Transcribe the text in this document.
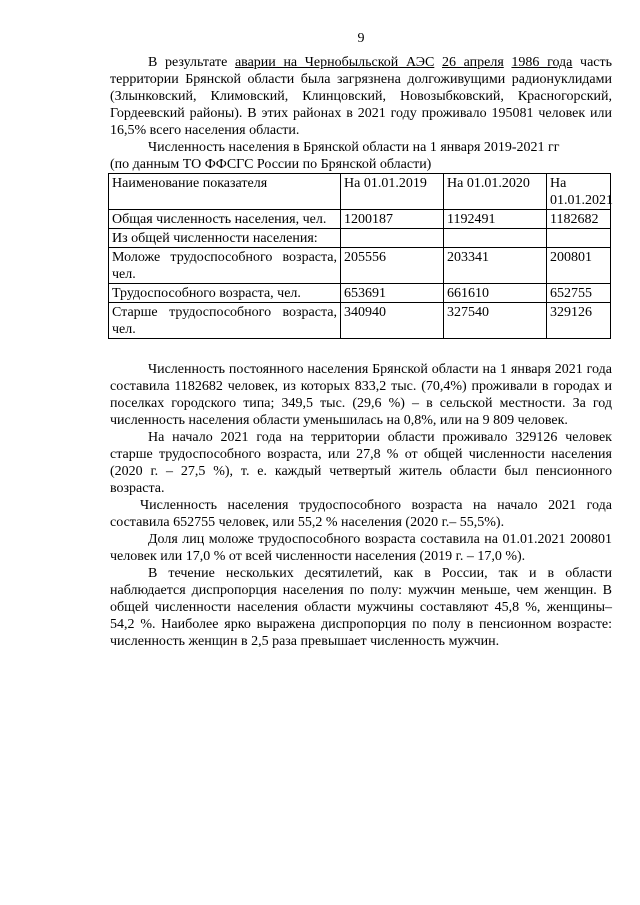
9

В результате аварии на Чернобыльской АЭС 26 апреля 1986 года часть территории Брянской области была загрязнена долгоживущими радионуклидами (Злынковский, Климовский, Клинцовский, Новозыбковский, Красногорский, Гордеевский районы). В этих районах в 2021 году проживало 195081 человек или 16,5% всего населения области.

Численность населения в Брянской области на 1 января 2019-2021 гг

(по данным ТО ФФСГС России по Брянской области)

Наименование показателя	На 01.01.2019	На 01.01.2020	На 01.01.2021
Общая численность населения, чел.	1200187	1192491	1182682
Из общей численности населения:			
Моложе трудоспособного возраста, чел.	205556	203341	200801
Трудоспособного возраста, чел.	653691	661610	652755
Старше трудоспособного возраста, чел.	340940	327540	329126

Численность постоянного населения Брянской области на 1 января 2021 года составила 1182682 человек, из которых 833,2 тыс. (70,4%) проживали в городах и поселках городского типа; 349,5 тыс. (29,6 %) – в сельской местности. За год численность населения области уменьшилась на 0,8%, или на 9 809 человек.

На начало 2021 года на территории области проживало 329126 человек старше трудоспособного возраста, или 27,8 % от общей численности населения (2020 г. – 27,5 %), т. е. каждый четвертый житель области был пенсионного возраста.

Численность населения трудоспособного возраста на начало 2021 года составила 652755 человек, или 55,2 % населения (2020 г.– 55,5%).

Доля лиц моложе трудоспособного возраста составила на 01.01.2021 200801 человек или 17,0 % от всей численности населения (2019 г. – 17,0 %).

В течение нескольких десятилетий, как в России, так и в области наблюдается диспропорция населения по полу: мужчин меньше, чем женщин. В общей численности населения области мужчины составляют 45,8 %, женщины– 54,2 %. Наиболее ярко выражена диспропорция по полу в пенсионном возрасте: численность женщин в 2,5 раза превышает численность мужчин.
